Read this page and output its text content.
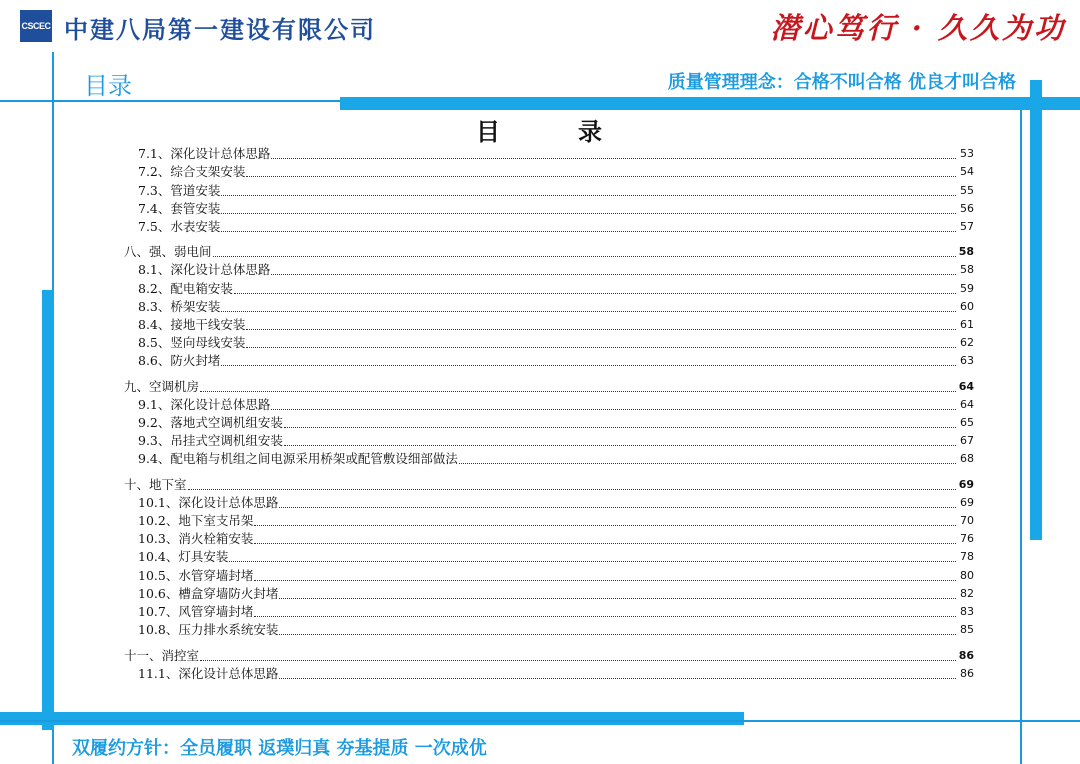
CSCEC 中建八局第一建设有限公司	潜心笃行 · 久久为功
目录	质量管理理念：合格不叫合格 优良才叫合格
目	录
7.1、深化设计总体思路	53
7.2、综合支架安装	54
7.3、管道安装	55
7.4、套管安装	56
7.5、水表安装	57
八、强、弱电间	58
8.1、深化设计总体思路	58
8.2、配电箱安装	59
8.3、桥架安装	60
8.4、接地干线安装	61
8.5、竖向母线安装	62
8.6、防火封堵	63
九、空调机房	64
9.1、深化设计总体思路	64
9.2、落地式空调机组安装	65
9.3、吊挂式空调机组安装	67
9.4、配电箱与机组之间电源采用桥架或配管敷设细部做法	68
十、地下室	69
10.1、深化设计总体思路	69
10.2、地下室支吊架	70
10.3、消火栓箱安装	76
10.4、灯具安装	78
10.5、水管穿墙封堵	80
10.6、槽盒穿墙防火封堵	82
10.7、风管穿墙封堵	83
10.8、压力排水系统安装	85
十一、消控室	86
11.1、深化设计总体思路	86
双履约方针：全员履职 返璞归真 夯基提质 一次成优
